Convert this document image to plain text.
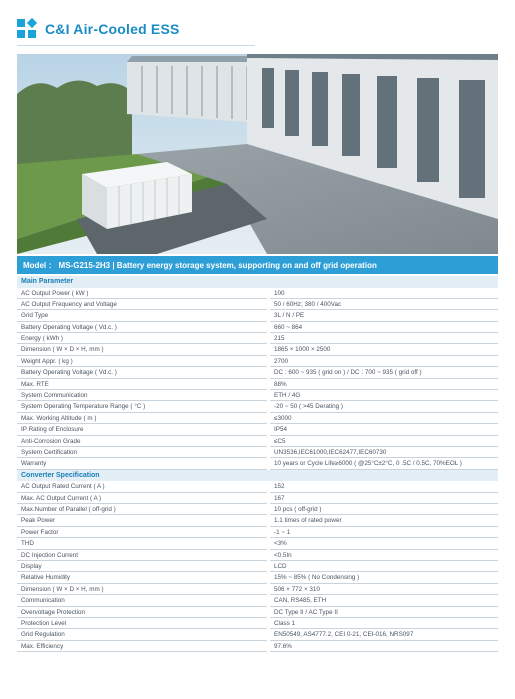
C&I Air-Cooled ESS
Model ： MS-G215-2H3 | Battery energy storage system, supporting on and off grid operation
Main Parameter
AC Output Power ( kW )	100
AC Output Frequency and Voltage	50 / 60Hz; 380 / 400Vac
Grid Type	3L / N / PE
Battery Operating Voltage ( Vd.c. )	660 ~ 864
Energy ( kWh )	215
Dimension ( W × D × H, mm )	1865 × 1000 × 2500
Weight Appr. ( kg )	2700
Battery Operating Voltage ( Vd.c. )	DC : 600 ~ 935 ( grid on ) / DC : 700 ~ 935 ( grid off )
Max. RTE	88%
System Communication	ETH / 4G
System Operating Temperature Range ( °C )	-20 ~ 50 ( >45 Derating )
Max. Working Altitude ( m )	≤3000
IP Rating of Enclosure	IP54
Anti-Corrosion Grade	≤C5
System Certification	UN3536,IEC61000,IEC62477,IEC60730
Warranty	10 years or Cycle Life≥6000 ( @25°C±2°C, 0 .5C / 0.5C, 70%EOL )
Converter Specification
AC Output Rated Current ( A )	152
Max. AC Output Current ( A )	167
Max.Number of Parallel ( off-grid )	10 pcs ( off-grid )
Peak Power	1.1 times of rated power
Power Factor	-1 ~ 1
THD	<3%
DC Injection Current	<0.5In
Display	LCD
Relative Humidity	15% ~ 85% ( No Condensing )
Dimension ( W × D × H, mm )	506 × 772 × 310
Communication	CAN, RS485, ETH
Overvoltage Protection	DC Type II / AC Type II
Protection Level	Class 1
Grid Regulation	EN50549, AS4777.2, CEI 0-21, CEI-016, NRS097
Max. Efficiency	97.6%
